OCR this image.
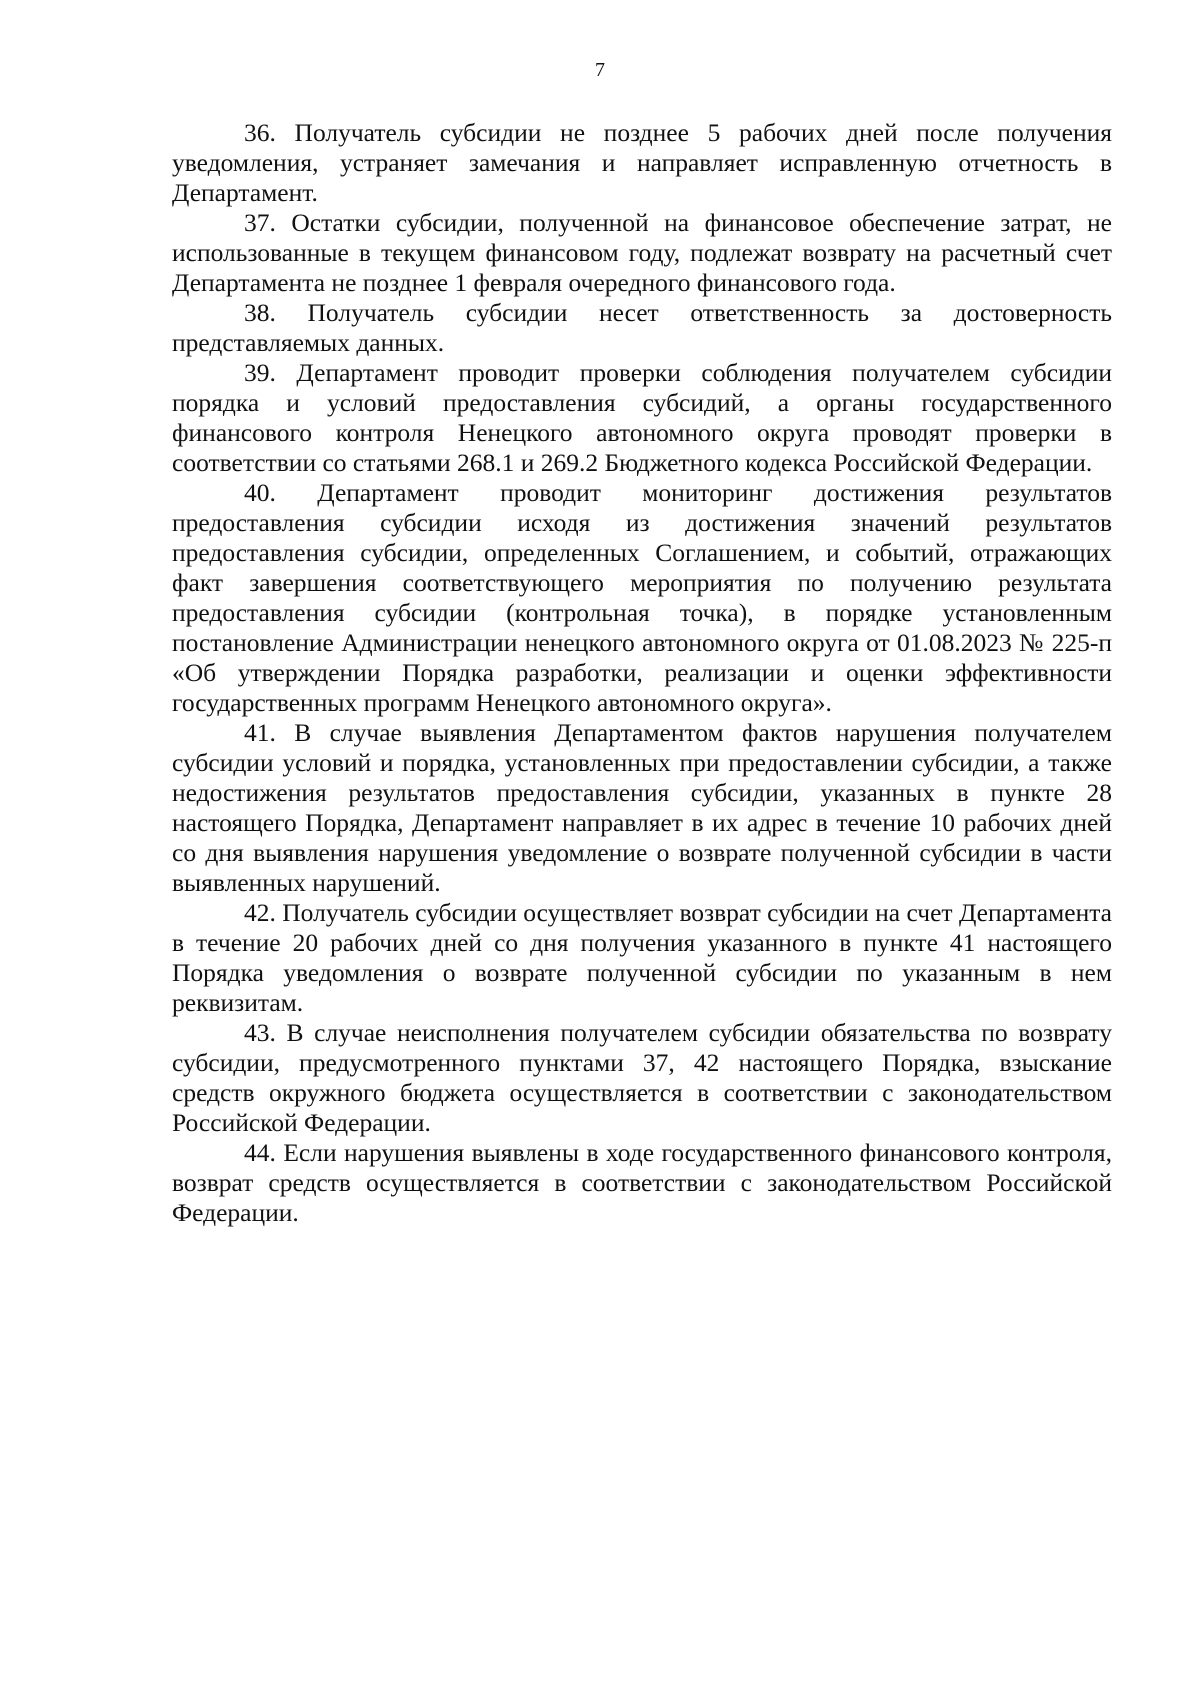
7

36. Получатель субсидии не позднее 5 рабочих дней после получения уведомления, устраняет замечания и направляет исправленную отчетность в Департамент.

37. Остатки субсидии, полученной на финансовое обеспечение затрат, не использованные в текущем финансовом году, подлежат возврату на расчетный счет Департамента не позднее 1 февраля очередного финансового года.

38. Получатель субсидии несет ответственность за достоверность представляемых данных.

39. Департамент проводит проверки соблюдения получателем субсидии порядка и условий предоставления субсидий, а органы государственного финансового контроля Ненецкого автономного округа проводят проверки в соответствии со статьями 268.1 и 269.2 Бюджетного кодекса Российской Федерации.

40. Департамент проводит мониторинг достижения результатов предоставления субсидии исходя из достижения значений результатов предоставления субсидии, определенных Соглашением, и событий, отражающих факт завершения соответствующего мероприятия по получению результата предоставления субсидии (контрольная точка), в порядке установленным постановление Администрации ненецкого автономного округа от 01.08.2023 № 225-п «Об утверждении Порядка разработки, реализации и оценки эффективности государственных программ Ненецкого автономного округа».

41. В случае выявления Департаментом фактов нарушения получателем субсидии условий и порядка, установленных при предоставлении субсидии, а также недостижения результатов предоставления субсидии, указанных в пункте 28 настоящего Порядка, Департамент направляет в их адрес в течение 10 рабочих дней со дня выявления нарушения уведомление о возврате полученной субсидии в части выявленных нарушений.

42. Получатель субсидии осуществляет возврат субсидии на счет Департамента в течение 20 рабочих дней со дня получения указанного в пункте 41 настоящего Порядка уведомления о возврате полученной субсидии по указанным в нем реквизитам.

43. В случае неисполнения получателем субсидии обязательства по возврату субсидии, предусмотренного пунктами 37, 42 настоящего Порядка, взыскание средств окружного бюджета осуществляется в соответствии с законодательством Российской Федерации.

44. Если нарушения выявлены в ходе государственного финансового контроля, возврат средств осуществляется в соответствии с законодательством Российской Федерации.
